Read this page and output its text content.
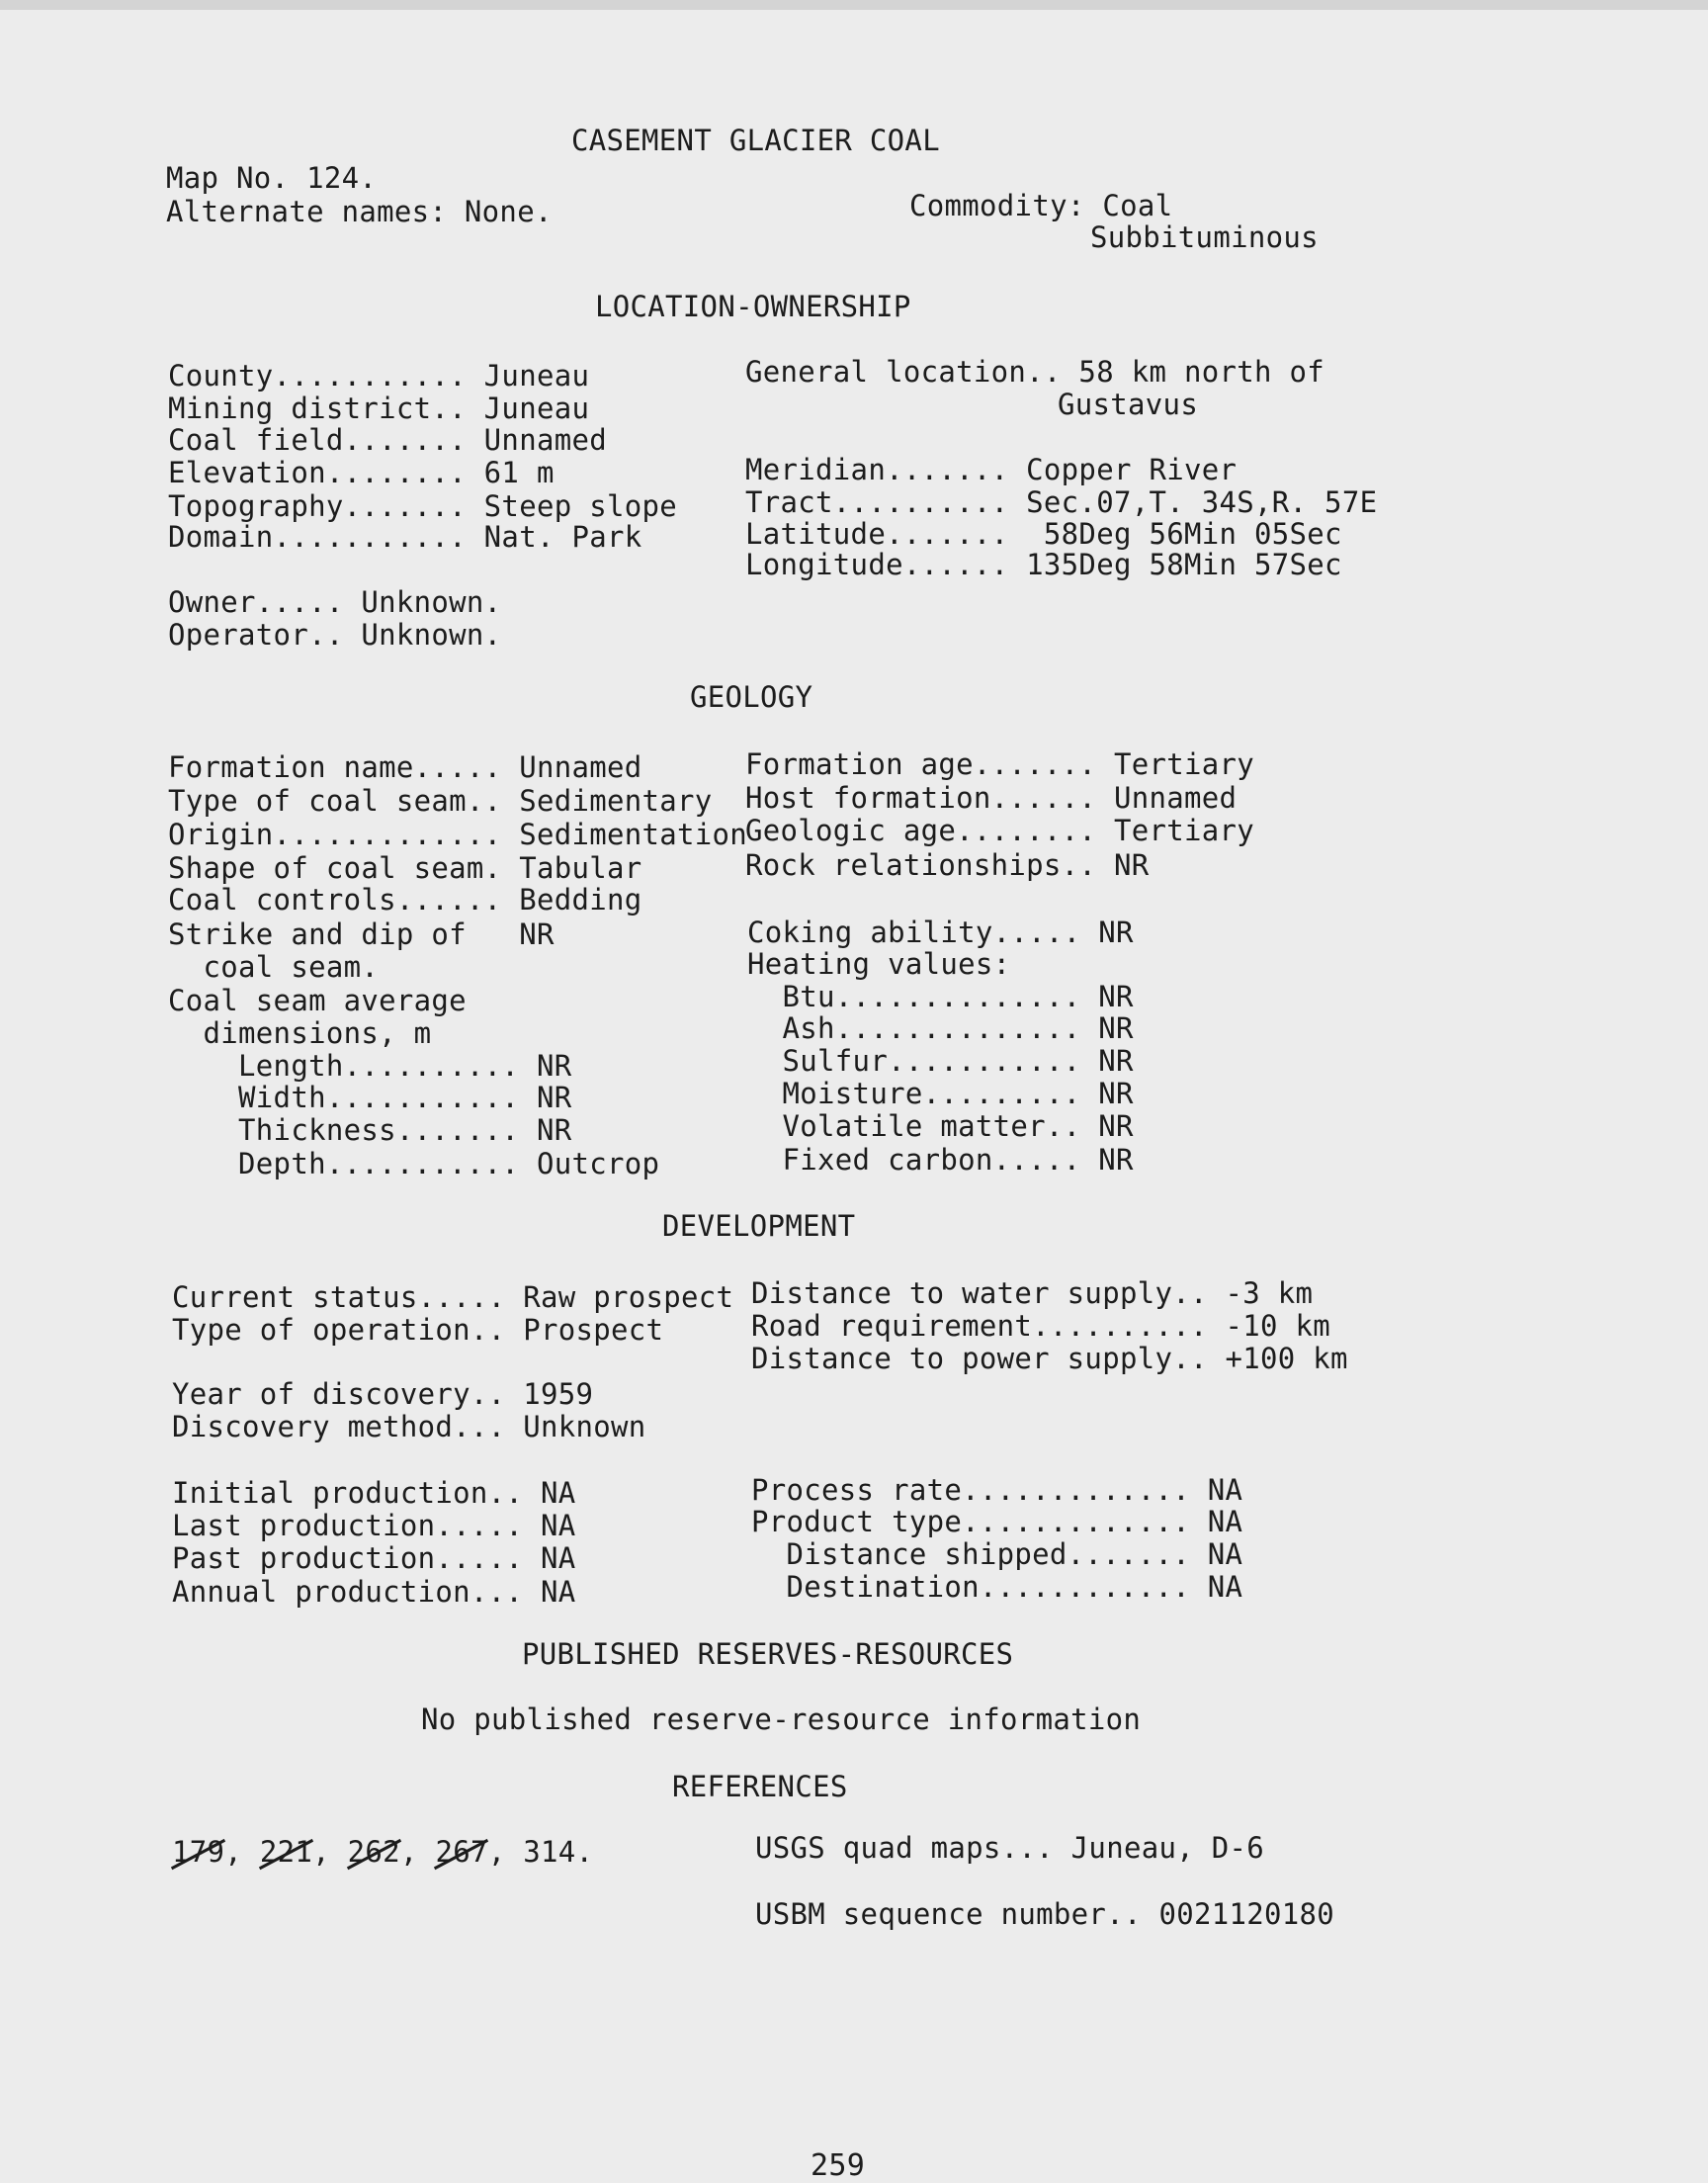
CASEMENT GLACIER COAL
Map No. 124.
Alternate names: None.	Commodity: Coal
Subbituminous
LOCATION-OWNERSHIP
County........... Juneau
Mining district.. Juneau
Coal field....... Unnamed
Elevation........ 61 m
Topography....... Steep slope
Domain........... Nat. Park
Owner..... Unknown.
Operator.. Unknown.
General location.. 58 km north of
Gustavus
Meridian....... Copper River
Tract.......... Sec.07,T. 34S,R. 57E
Latitude.......  58Deg 56Min 05Sec
Longitude...... 135Deg 58Min 57Sec
GEOLOGY
Formation name..... Unnamed
Type of coal seam.. Sedimentary
Origin............. Sedimentation
Shape of coal seam. Tabular
Coal controls...... Bedding
Strike and dip of   NR
coal seam.
Coal seam average
dimensions, m
Length.......... NR
Width........... NR
Thickness....... NR
Depth........... Outcrop
Formation age....... Tertiary
Host formation...... Unnamed
Geologic age........ Tertiary
Rock relationships.. NR
Coking ability..... NR
Heating values:
Btu.............. NR
Ash.............. NR
Sulfur........... NR
Moisture......... NR
Volatile matter.. NR
Fixed carbon..... NR
DEVELOPMENT
Current status..... Raw prospect
Type of operation.. Prospect
Year of discovery.. 1959
Discovery method... Unknown
Initial production.. NA
Last production..... NA
Past production..... NA
Annual production... NA
Distance to water supply.. -3 km
Road requirement.......... -10 km
Distance to power supply.. +100 km
Process rate............. NA
Product type............. NA
Distance shipped....... NA
Destination............ NA
PUBLISHED RESERVES-RESOURCES
No published reserve-resource information
REFERENCES
179, 221, 262, 267, 314.	USGS quad maps... Juneau, D-6
USBM sequence number.. 0021120180
259
